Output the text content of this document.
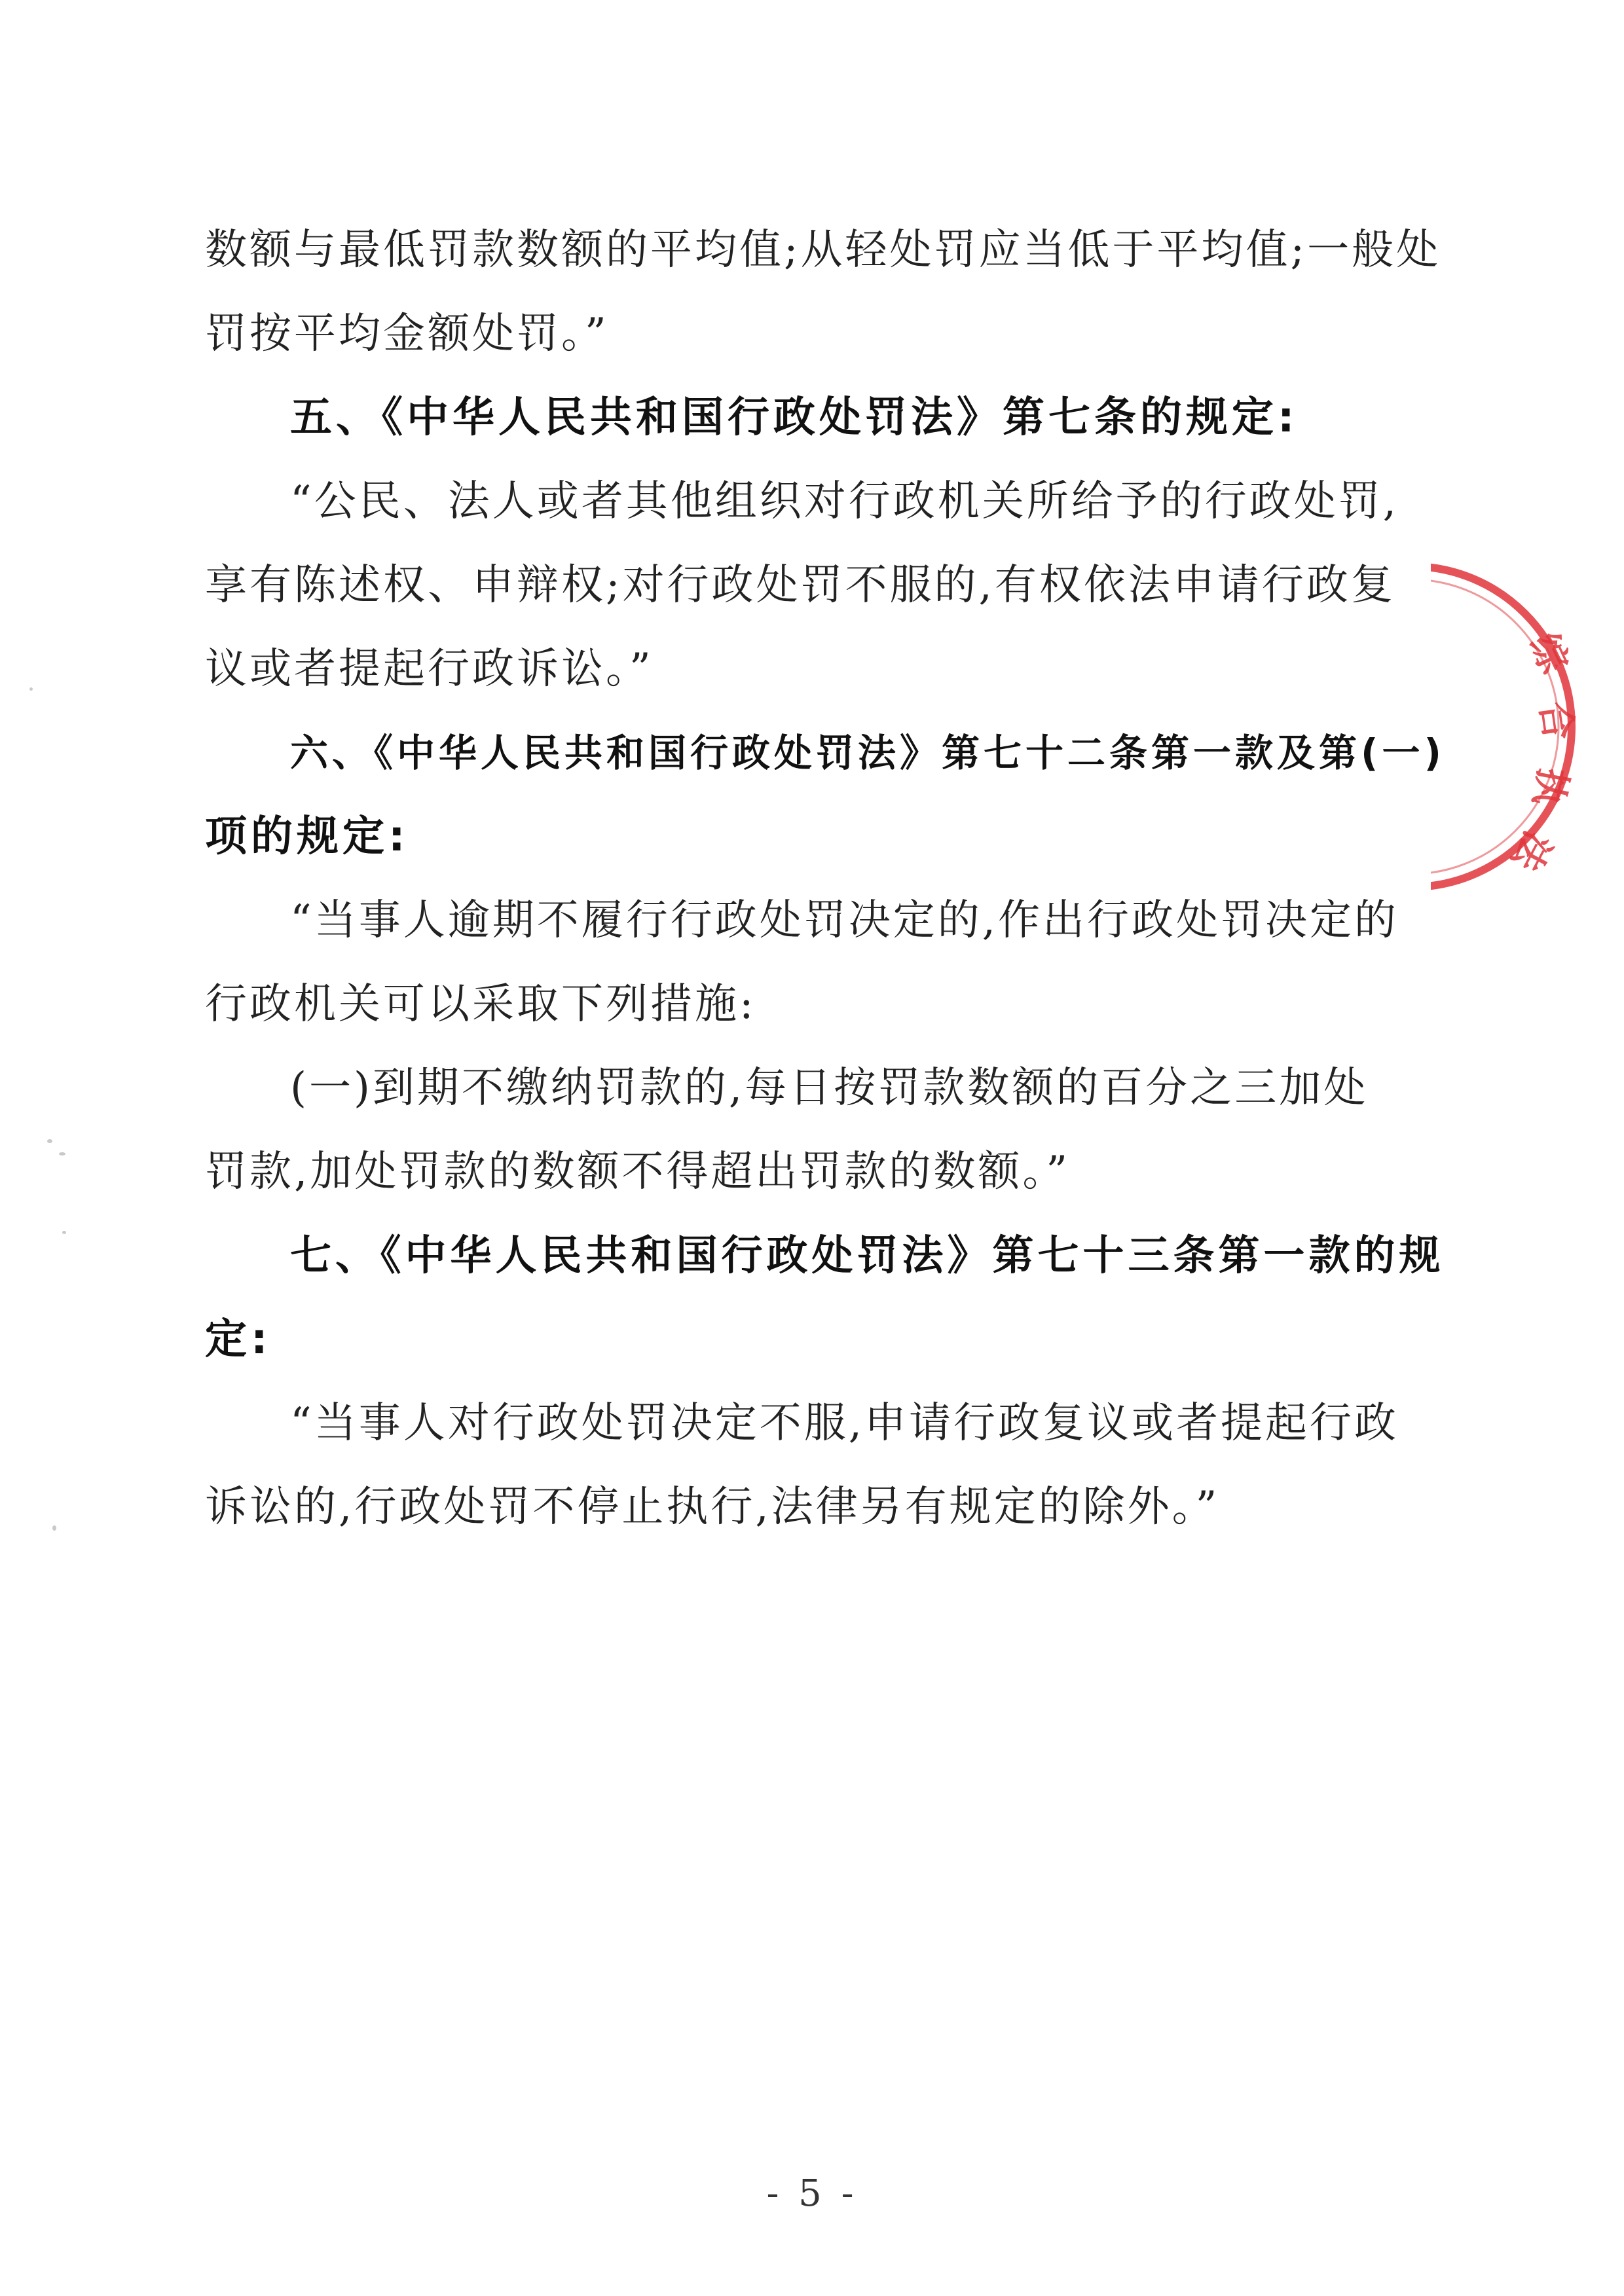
数额与最低罚款数额的平均值;从轻处罚应当低于平均值;一般处
罚按平均金额处罚。”
五、《中华人民共和国行政处罚法》第七条的规定:
“公民、法人或者其他组织对行政机关所给予的行政处罚,
享有陈述权、申辩权;对行政处罚不服的,有权依法申请行政复
议或者提起行政诉讼。”
六、《中华人民共和国行政处罚法》第七十二条第一款及第(一)
项的规定:
“当事人逾期不履行行政处罚决定的,作出行政处罚决定的
行政机关可以采取下列措施:
(一)到期不缴纳罚款的,每日按罚款数额的百分之三加处
罚款,加处罚款的数额不得超出罚款的数额。”
七、《中华人民共和国行政处罚法》第七十三条第一款的规
定:
“当事人对行政处罚决定不服,申请行政复议或者提起行政
诉讼的,行政处罚不停止执行,法律另有规定的除外。”
综
合
执
法
- 5 -
